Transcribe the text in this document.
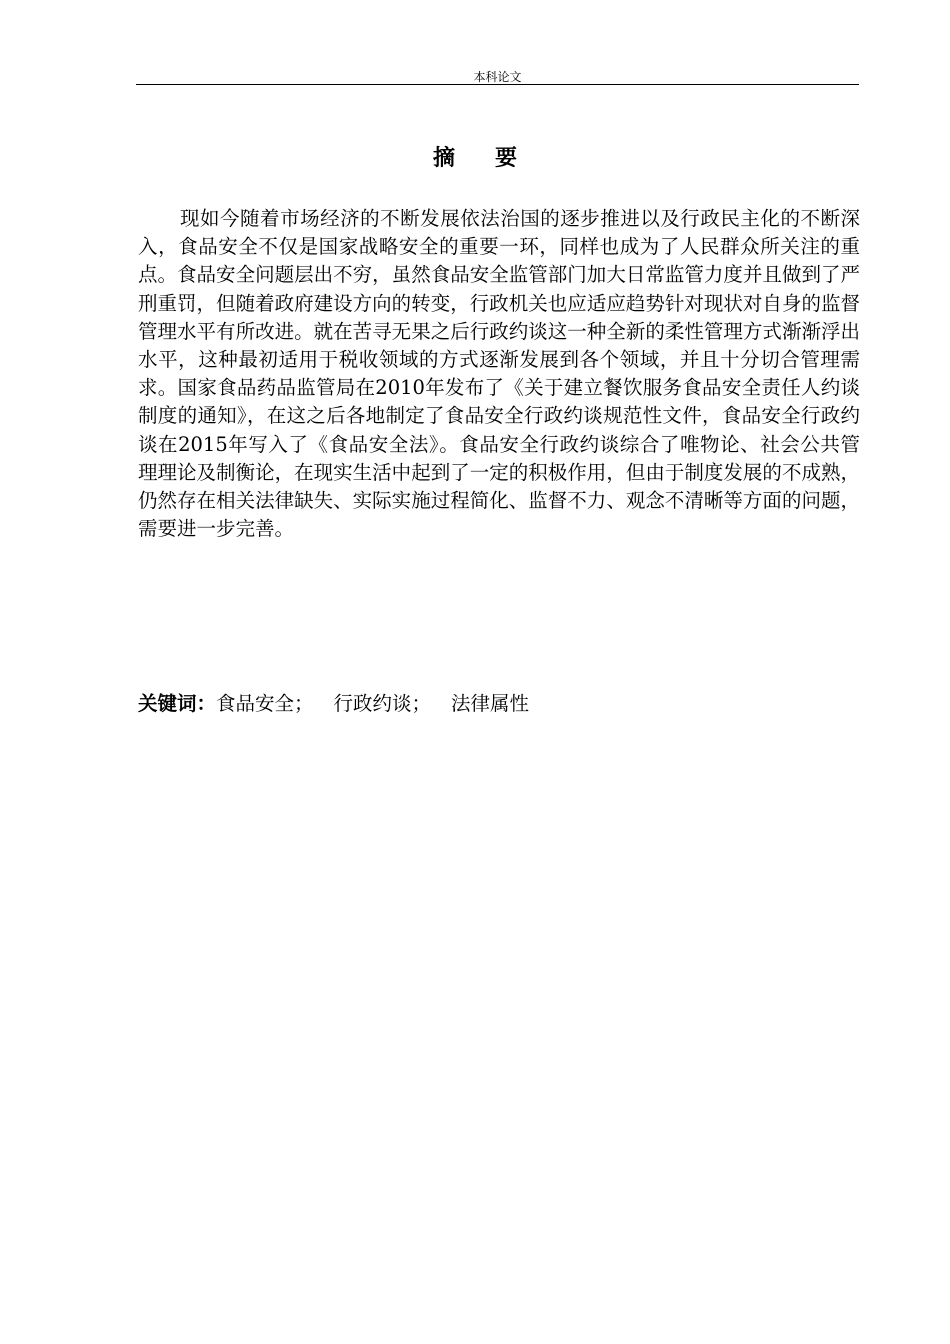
本科论文
摘要

现如今随着市场经济的不断发展依法治国的逐步推进以及行政民主化的不断深入，食品安全不仅是国家战略安全的重要一环，同样也成为了人民群众所关注的重点。食品安全问题层出不穷，虽然食品安全监管部门加大日常监管力度并且做到了严刑重罚，但随着政府建设方向的转变，行政机关也应适应趋势针对现状对自身的监督管理水平有所改进。就在苦寻无果之后行政约谈这一种全新的柔性管理方式渐渐浮出水平，这种最初适用于税收领域的方式逐渐发展到各个领域，并且十分切合管理需求。国家食品药品监管局在2010年发布了《关于建立餐饮服务食品安全责任人约谈制度的通知》，在这之后各地制定了食品安全行政约谈规范性文件，食品安全行政约谈在2015年写入了《食品安全法》。食品安全行政约谈综合了唯物论、社会公共管理理论及制衡论，在现实生活中起到了一定的积极作用，但由于制度发展的不成熟，仍然存在相关法律缺失、实际实施过程简化、监督不力、观念不清晰等方面的问题，需要进一步完善。

关键词：食品安全； 行政约谈； 法律属性
